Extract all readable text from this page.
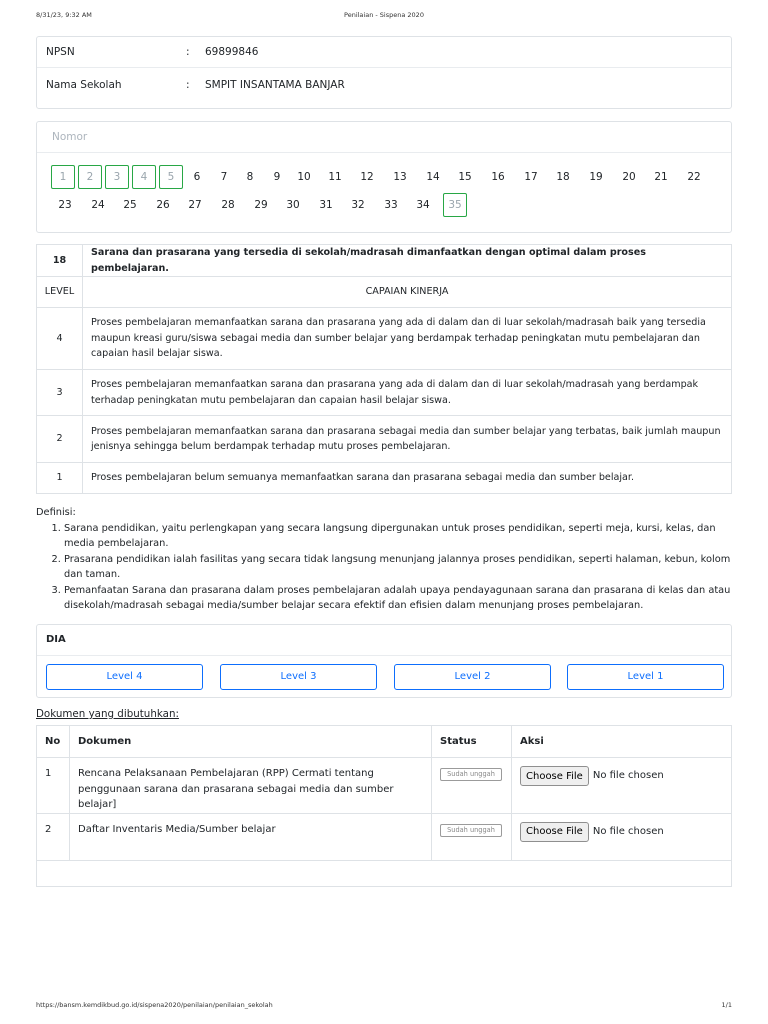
8/31/23, 9:32 AM	Penilaian - Sispena 2020
NPSN	: 69899846
Nama Sekolah	: SMPIT INSANTAMA BANJAR
Nomor
1	2	3	4	5	6	7	8	9	10	11	12	13	14	15	16	17	18	19	20	21	22
23	24	25	26	27	28	29	30	31	32	33	34	35
18	Sarana dan prasarana yang tersedia di sekolah/madrasah dimanfaatkan dengan optimal dalam proses pembelajaran.
LEVEL	CAPAIAN KINERJA
4	Proses pembelajaran memanfaatkan sarana dan prasarana yang ada di dalam dan di luar sekolah/madrasah baik yang tersedia maupun kreasi guru/siswa sebagai media dan sumber belajar yang berdampak terhadap peningkatan mutu pembelajaran dan capaian hasil belajar siswa.
3	Proses pembelajaran memanfaatkan sarana dan prasarana yang ada di dalam dan di luar sekolah/madrasah yang berdampak terhadap peningkatan mutu pembelajaran dan capaian hasil belajar siswa.
2	Proses pembelajaran memanfaatkan sarana dan prasarana sebagai media dan sumber belajar yang terbatas, baik jumlah maupun jenisnya sehingga belum berdampak terhadap mutu proses pembelajaran.
1	Proses pembelajaran belum semuanya memanfaatkan sarana dan prasarana sebagai media dan sumber belajar.
Definisi:
1. Sarana pendidikan, yaitu perlengkapan yang secara langsung dipergunakan untuk proses pendidikan, seperti meja, kursi, kelas, dan media pembelajaran.
2. Prasarana pendidikan ialah fasilitas yang secara tidak langsung menunjang jalannya proses pendidikan, seperti halaman, kebun, kolom dan taman.
3. Pemanfaatan Sarana dan prasarana dalam proses pembelajaran adalah upaya pendayagunaan sarana dan prasarana di kelas dan atau disekolah/madrasah sebagai media/sumber belajar secara efektif dan efisien dalam menunjang proses pembelajaran.
DIA
Level 4	Level 3	Level 2	Level 1
Dokumen yang dibutuhkan:
No	Dokumen	Status	Aksi
1	Rencana Pelaksanaan Pembelajaran (RPP) Cermati tentang penggunaan sarana dan prasarana sebagai media dan sumber belajar]	Sudah unggah	Choose File No file chosen

2	Daftar Inventaris Media/Sumber belajar	Sudah unggah	Choose File No file chosen

https://bansm.kemdikbud.go.id/sispena2020/penilaian/penilaian_sekolah	1/1
